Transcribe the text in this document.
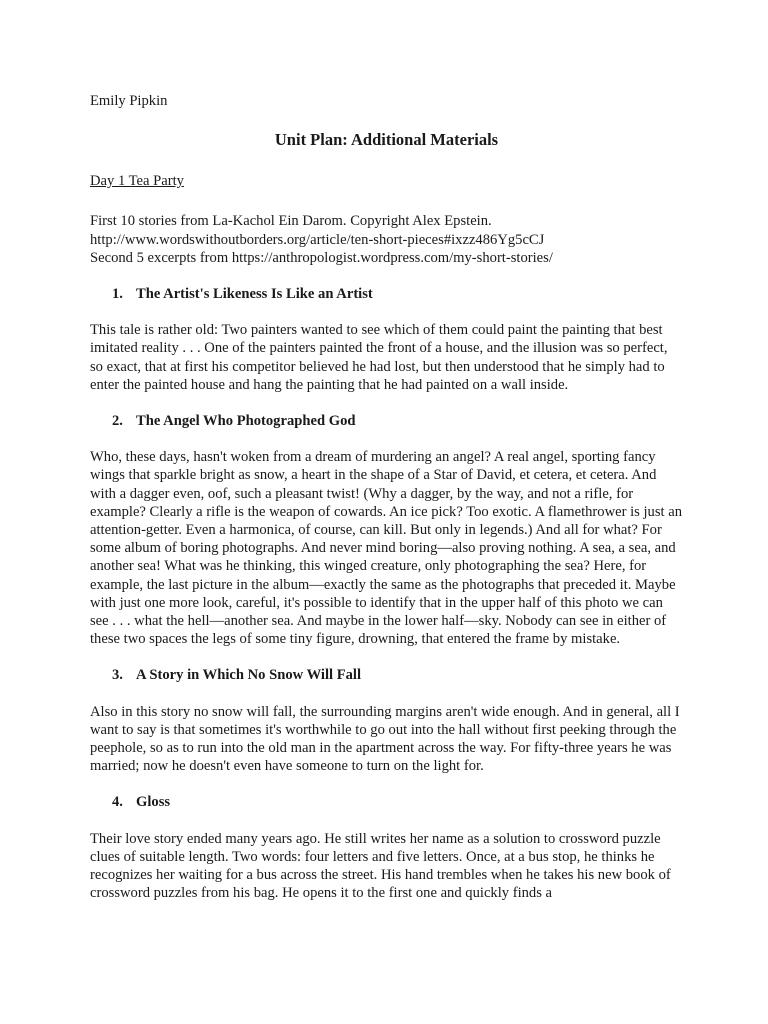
Emily Pipkin

Unit Plan: Additional Materials

Day 1 Tea Party

First 10 stories from La-Kachol Ein Darom. Copyright Alex Epstein.
http://www.wordswithoutborders.org/article/ten-short-pieces#ixzz486Yg5cCJ
Second 5 excerpts from https://anthropologist.wordpress.com/my-short-stories/
1. The Artist's Likeness Is Like an Artist

This tale is rather old: Two painters wanted to see which of them could paint the painting that best imitated reality . . . One of the painters painted the front of a house, and the illusion was so perfect, so exact, that at first his competitor believed he had lost, but then understood that he simply had to enter the painted house and hang the painting that he had painted on a wall inside.

2. The Angel Who Photographed God

Who, these days, hasn't woken from a dream of murdering an angel? A real angel, sporting fancy wings that sparkle bright as snow, a heart in the shape of a Star of David, et cetera, et cetera. And with a dagger even, oof, such a pleasant twist! (Why a dagger, by the way, and not a rifle, for example? Clearly a rifle is the weapon of cowards. An ice pick? Too exotic. A flamethrower is just an attention-getter. Even a harmonica, of course, can kill. But only in legends.) And all for what? For some album of boring photographs. And never mind boring—also proving nothing. A sea, a sea, and another sea! What was he thinking, this winged creature, only photographing the sea? Here, for example, the last picture in the album—exactly the same as the photographs that preceded it. Maybe with just one more look, careful, it's possible to identify that in the upper half of this photo we can see . . . what the hell—another sea. And maybe in the lower half—sky. Nobody can see in either of these two spaces the legs of some tiny figure, drowning, that entered the frame by mistake.

3. A Story in Which No Snow Will Fall

Also in this story no snow will fall, the surrounding margins aren't wide enough. And in general, all I want to say is that sometimes it's worthwhile to go out into the hall without first peeking through the peephole, so as to run into the old man in the apartment across the way. For fifty-three years he was married; now he doesn't even have someone to turn on the light for.

4. Gloss

Their love story ended many years ago. He still writes her name as a solution to crossword puzzle clues of suitable length. Two words: four letters and five letters. Once, at a bus stop, he thinks he recognizes her waiting for a bus across the street. His hand trembles when he takes his new book of crossword puzzles from his bag. He opens it to the first one and quickly finds a
